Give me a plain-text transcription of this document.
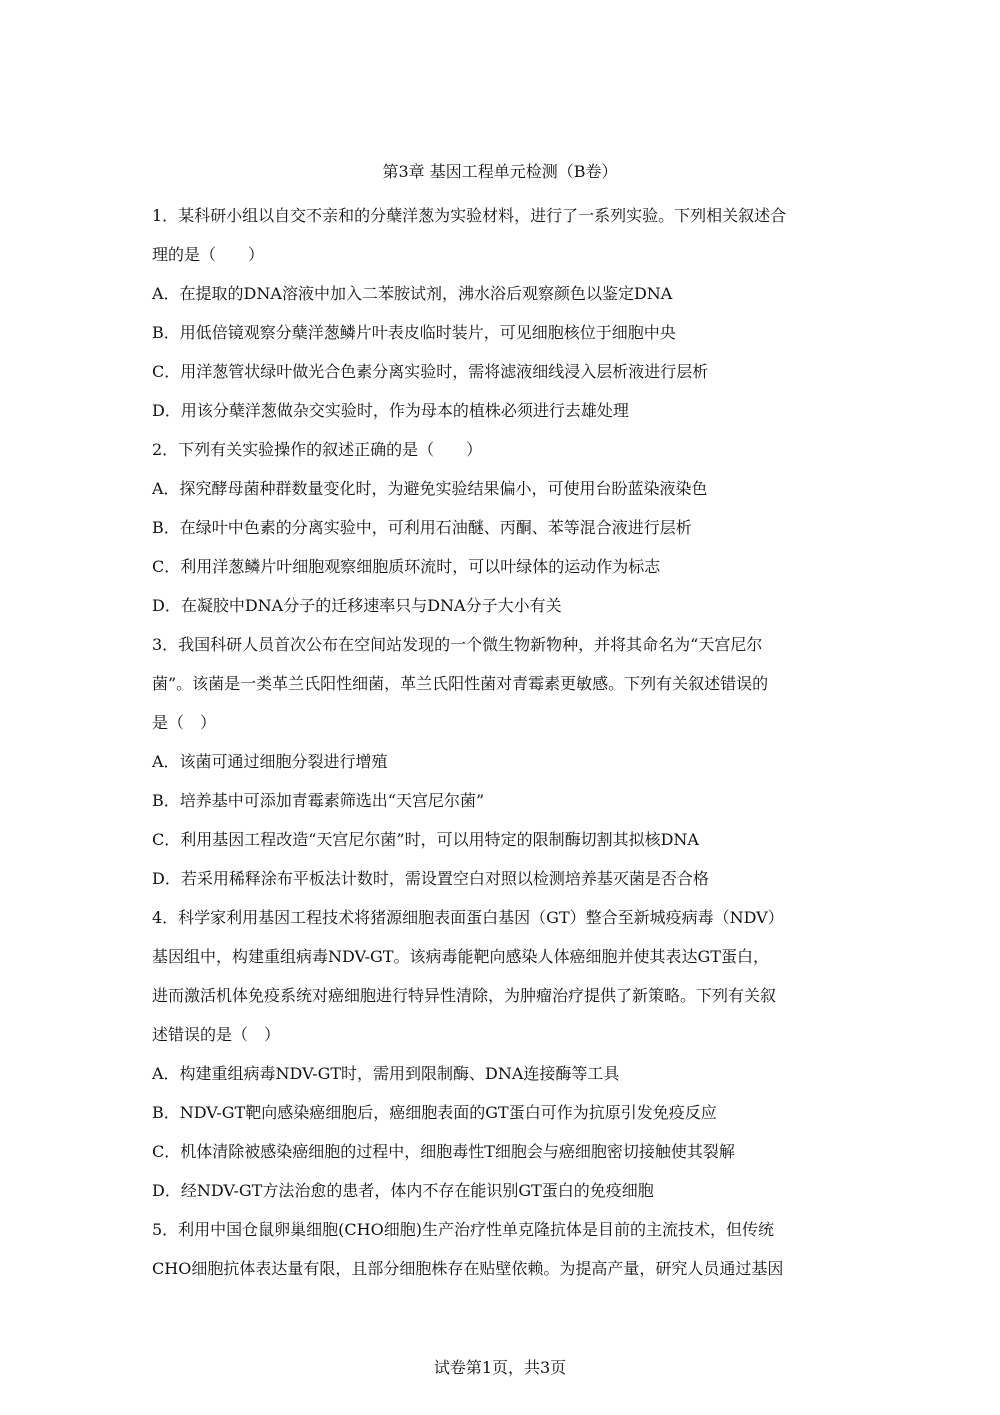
第3章 基因工程单元检测（B卷）
1．某科研小组以自交不亲和的分蘖洋葱为实验材料，进行了一系列实验。下列相关叙述合
理的是（　　）
A．在提取的DNA溶液中加入二苯胺试剂，沸水浴后观察颜色以鉴定DNA
B．用低倍镜观察分蘖洋葱鳞片叶表皮临时装片，可见细胞核位于细胞中央
C．用洋葱管状绿叶做光合色素分离实验时，需将滤液细线浸入层析液进行层析
D．用该分蘖洋葱做杂交实验时，作为母本的植株必须进行去雄处理
2．下列有关实验操作的叙述正确的是（　　）
A．探究酵母菌种群数量变化时，为避免实验结果偏小，可使用台盼蓝染液染色
B．在绿叶中色素的分离实验中，可利用石油醚、丙酮、苯等混合液进行层析
C．利用洋葱鳞片叶细胞观察细胞质环流时，可以叶绿体的运动作为标志
D．在凝胶中DNA分子的迁移速率只与DNA分子大小有关
3．我国科研人员首次公布在空间站发现的一个微生物新物种，并将其命名为“天宫尼尔
菌”。该菌是一类革兰氏阳性细菌，革兰氏阳性菌对青霉素更敏感。下列有关叙述错误的
是（　）
A．该菌可通过细胞分裂进行增殖
B．培养基中可添加青霉素筛选出“天宫尼尔菌”
C．利用基因工程改造“天宫尼尔菌”时，可以用特定的限制酶切割其拟核DNA
D．若采用稀释涂布平板法计数时，需设置空白对照以检测培养基灭菌是否合格
4．科学家利用基因工程技术将猪源细胞表面蛋白基因（GT）整合至新城疫病毒（NDV）
基因组中，构建重组病毒NDV-GT。该病毒能靶向感染人体癌细胞并使其表达GT蛋白，
进而激活机体免疫系统对癌细胞进行特异性清除，为肿瘤治疗提供了新策略。下列有关叙
述错误的是（　）
A．构建重组病毒NDV-GT时，需用到限制酶、DNA连接酶等工具
B．NDV-GT靶向感染癌细胞后，癌细胞表面的GT蛋白可作为抗原引发免疫反应
C．机体清除被感染癌细胞的过程中，细胞毒性T细胞会与癌细胞密切接触使其裂解
D．经NDV-GT方法治愈的患者，体内不存在能识别GT蛋白的免疫细胞
5．利用中国仓鼠卵巢细胞(CHO细胞)生产治疗性单克隆抗体是目前的主流技术，但传统
CHO细胞抗体表达量有限，且部分细胞株存在贴壁依赖。为提高产量，研究人员通过基因
试卷第1页，共3页
